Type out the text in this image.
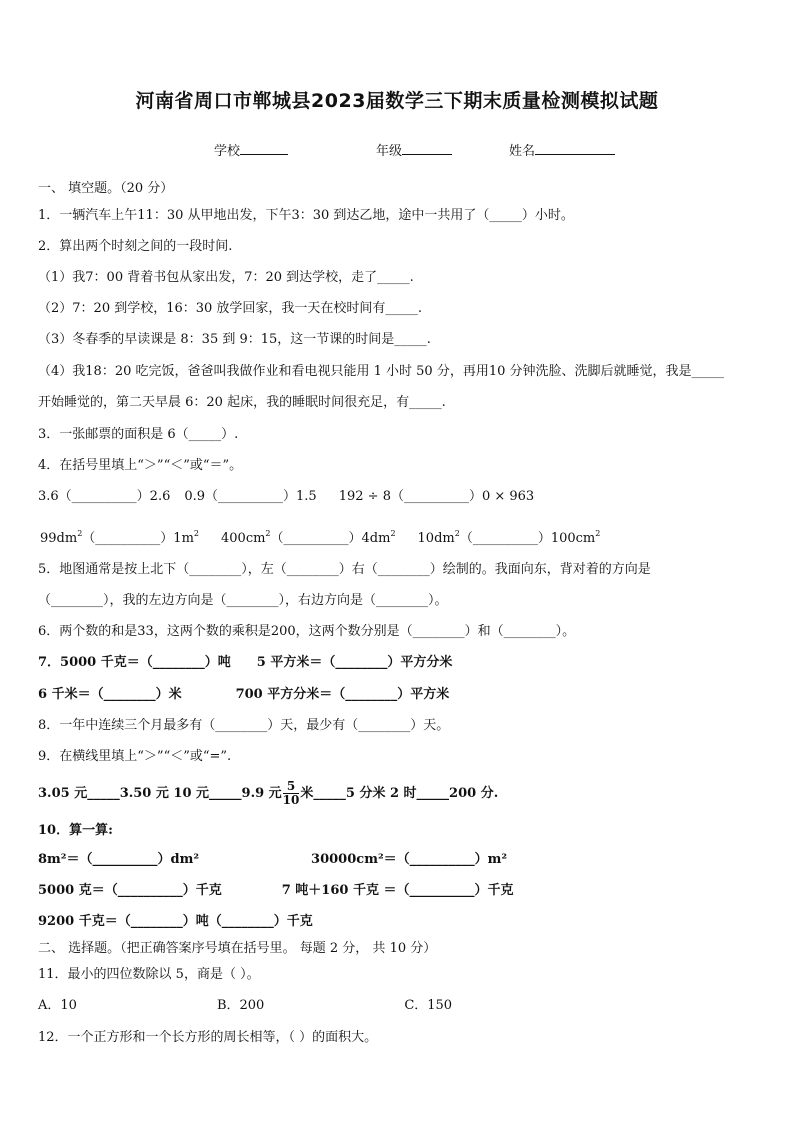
河南省周口市郸城县2023届数学三下期末质量检测模拟试题
学校	年级	姓名
一、 填空题。（20 分）
1．一辆汽车上午11：30 从甲地出发，下午3：30 到达乙地，途中一共用了（_____）小时。
2．算出两个时刻之间的一段时间.
（1）我7：00 背着书包从家出发，7：20 到达学校，走了_____.
（2）7：20 到学校，16：30 放学回家，我一天在校时间有_____.
（3）冬春季的早读课是 8：35 到 9：15，这一节课的时间是_____.
（4）我18：20 吃完饭，爸爸叫我做作业和看电视只能用 1 小时 50 分，再用10 分钟洗脸、洗脚后就睡觉，我是_____
开始睡觉的，第二天早晨 6：20 起床，我的睡眠时间很充足，有_____.
3．一张邮票的面积是 6（_____）.
4．在括号里填上“＞”“＜”或“＝”。
3.6（__________）2.6 0.9（__________）1.5 192 ÷ 8（__________）0 × 963
$99dm^2(\_\_\_\_\_\_\_\_\_\_)1m^2$ $400cm^2(\_\_\_\_\_\_\_\_\_\_)4dm^2$ $10dm^2(\_\_\_\_\_\_\_\_\_\_)100cm^2$
5．地图通常是按上北下（________），左（________）右（________）绘制的。我面向东，背对着的方向是
（________），我的左边方向是（________），右边方向是（________）。
6．两个数的和是33，这两个数的乘积是200，这两个数分别是（________）和（________）。
7．5000 千克＝（________）吨 5 平方米＝（________）平方分米
6 千米＝（________）米	700 平方分米＝（________）平方米
8．一年中连续三个月最多有（________）天，最少有（________）天。
9．在横线里填上“＞”“＜”或“=”.
3.05 元_____3.50 元 10 元_____9.9 元 $\frac{5}{10}$ 米_____5 分米 2 时_____200 分.
10．算一算:
8m²＝（__________）dm²	30000cm²＝（__________）m²
5000 克＝（__________）千克	7 吨＋160 千克 ＝（__________）千克
9200 千克＝（________）吨（________）千克
二、 选择题。（把正确答案序号填在括号里。 每题 2 分， 共 10 分）
11．最小的四位数除以 5，商是（ ）。
A．10	B．200	C．150
12．一个正方形和一个长方形的周长相等，（ ）的面积大。
